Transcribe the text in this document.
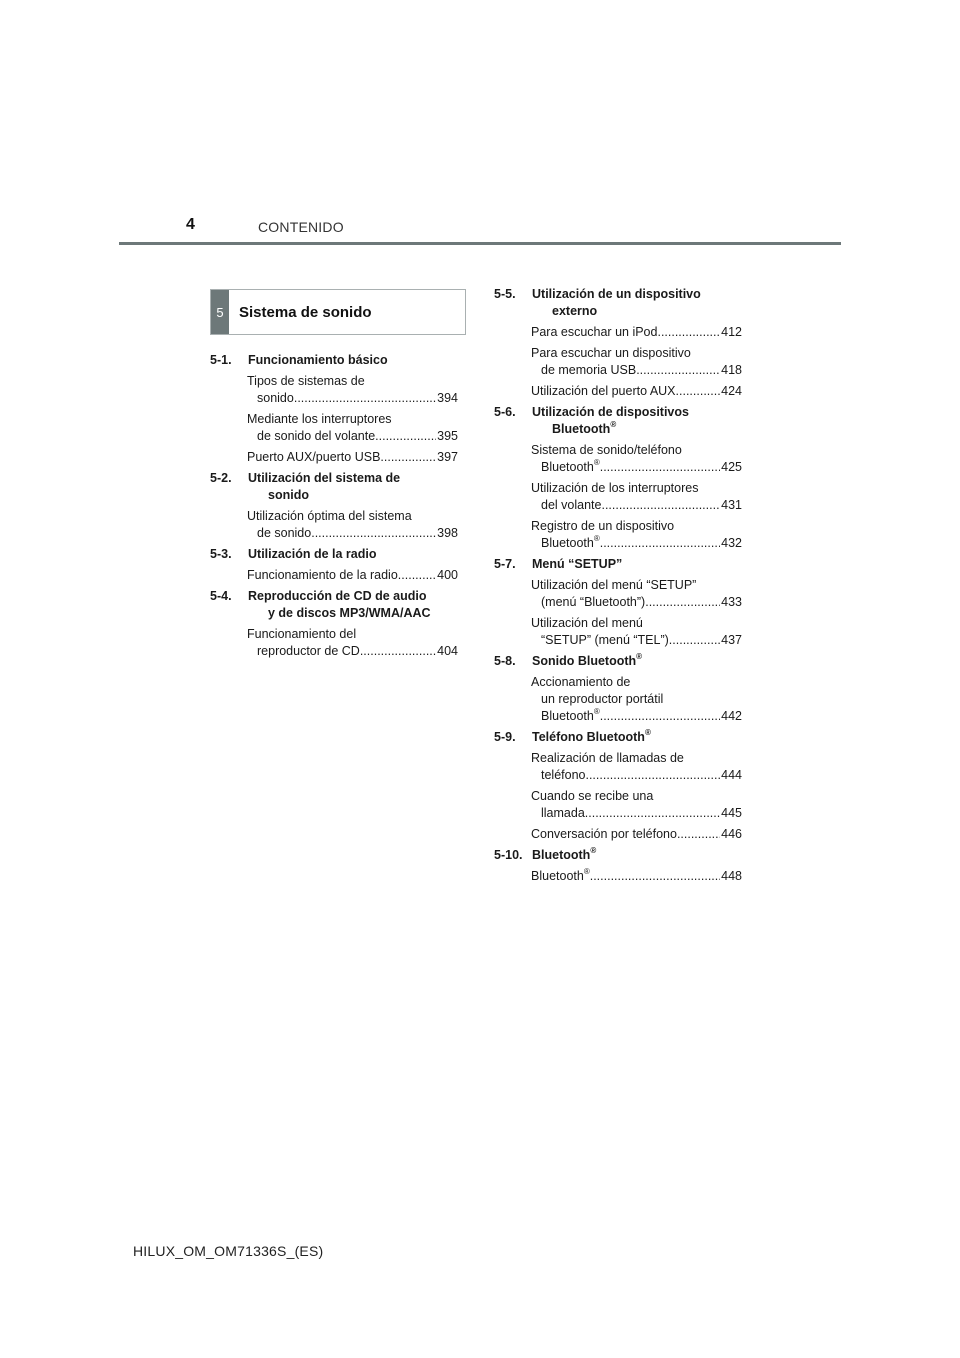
4	CONTENIDO
5	Sistema de sonido
5-1.	Funcionamiento básico
Tipos de sistemas de
sonido .....	394
Mediante los interruptores
de sonido del volante .....	395
Puerto AUX/puerto USB .....	397
5-2.	Utilización del sistema de
sonido
Utilización óptima del sistema
de sonido .....	398
5-3.	Utilización de la radio
Funcionamiento de la radio .....	400
5-4.	Reproducción de CD de audio
y de discos MP3/WMA/AAC
Funcionamiento del
reproductor de CD .....	404
5-5.	Utilización de un dispositivo
externo
Para escuchar un iPod .....	412
Para escuchar un dispositivo
de memoria USB .....	418
Utilización del puerto AUX .....	424
5-6.	Utilización de dispositivos
Bluetooth®
Sistema de sonido/teléfono
Bluetooth® .....	425
Utilización de los interruptores
del volante .....	431
Registro de un dispositivo
Bluetooth® .....	432
5-7.	Menú “SETUP”
Utilización del menú “SETUP”
(menú “Bluetooth”) .....	433
Utilización del menú
“SETUP” (menú “TEL”) .....	437
5-8.	Sonido Bluetooth®
Accionamiento de
un reproductor portátil
Bluetooth® .....	442
5-9.	Teléfono Bluetooth®
Realización de llamadas de
teléfono .....	444
Cuando se recibe una
llamada .....	445
Conversación por teléfono .....	446
5-10. Bluetooth®
Bluetooth® .....	448
HILUX_OM_OM71336S_(ES)
